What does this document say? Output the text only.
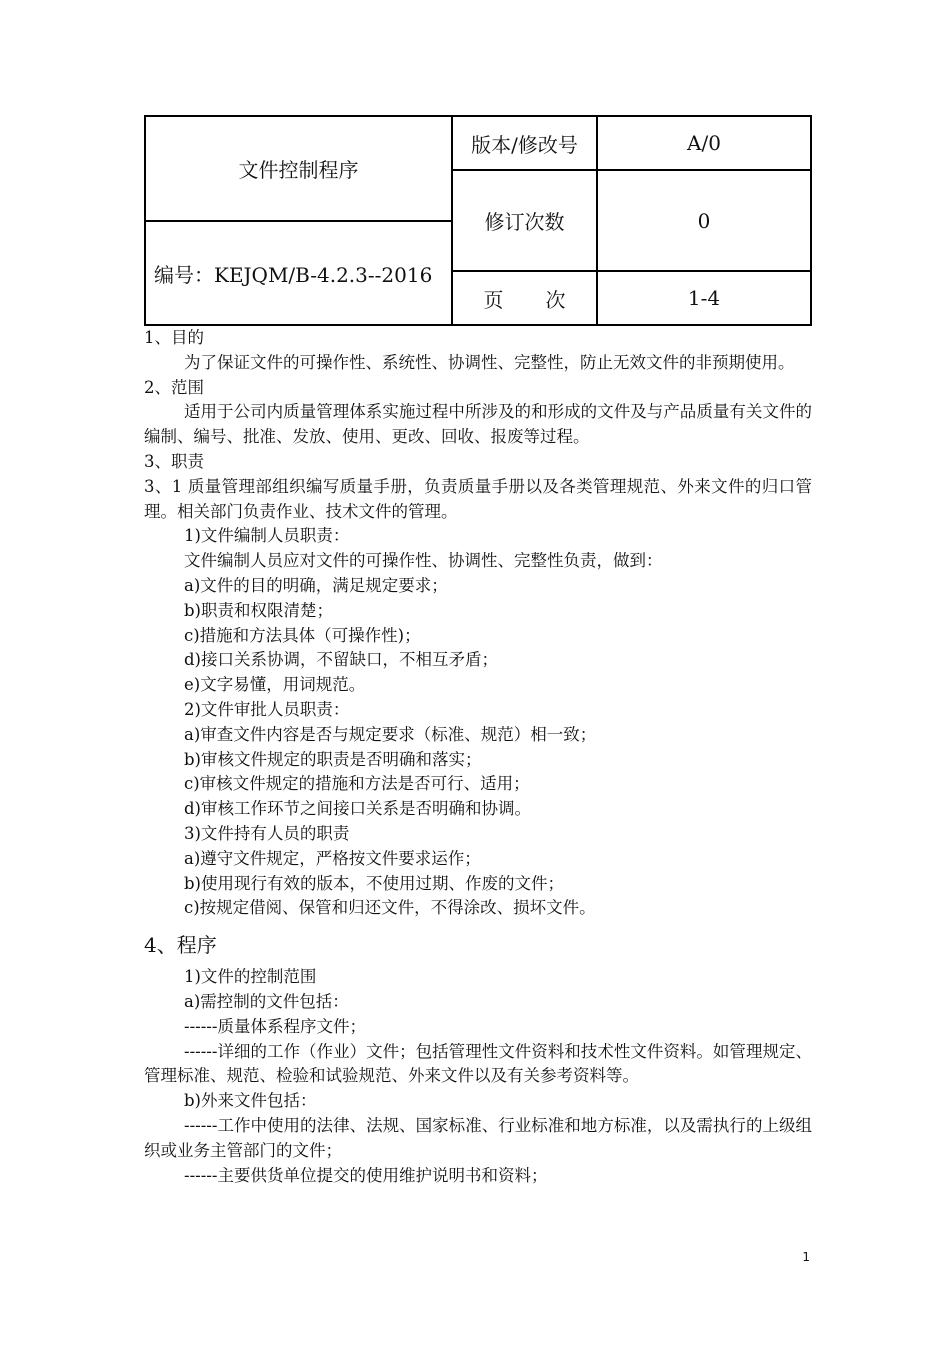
文件控制程序	版本/修改号	A/0
	修订次数	0
编号：KEJQM/B-4.2.3--2016		
	页 次	1-4

1、目的

为了保证文件的可操作性、系统性、协调性、完整性，防止无效文件的非预期使用。

2、范围

适用于公司内质量管理体系实施过程中所涉及的和形成的文件及与产品质量有关文件的编制、编号、批准、发放、使用、更改、回收、报废等过程。

3、职责

3、1 质量管理部组织编写质量手册，负责质量手册以及各类管理规范、外来文件的归口管理。相关部门负责作业、技术文件的管理。

1)文件编制人员职责：

文件编制人员应对文件的可操作性、协调性、完整性负责，做到：

a)文件的目的明确，满足规定要求；

b)职责和权限清楚；

c)措施和方法具体（可操作性)；

d)接口关系协调，不留缺口，不相互矛盾；

e)文字易懂，用词规范。

2)文件审批人员职责：

a)审查文件内容是否与规定要求（标准、规范）相一致；

b)审核文件规定的职责是否明确和落实；

c)审核文件规定的措施和方法是否可行、适用；

d)审核工作环节之间接口关系是否明确和协调。

3)文件持有人员的职责

a)遵守文件规定，严格按文件要求运作；

b)使用现行有效的版本，不使用过期、作废的文件；

c)按规定借阅、保管和归还文件，不得涂改、损坏文件。

4、程序

1)文件的控制范围

a)需控制的文件包括：

------质量体系程序文件；

------详细的工作（作业）文件；包括管理性文件资料和技术性文件资料。如管理规定、管理标准、规范、检验和试验规范、外来文件以及有关参考资料等。

b)外来文件包括：

------工作中使用的法律、法规、国家标准、行业标准和地方标准，以及需执行的上级组织或业务主管部门的文件；

------主要供货单位提交的使用维护说明书和资料；

1
